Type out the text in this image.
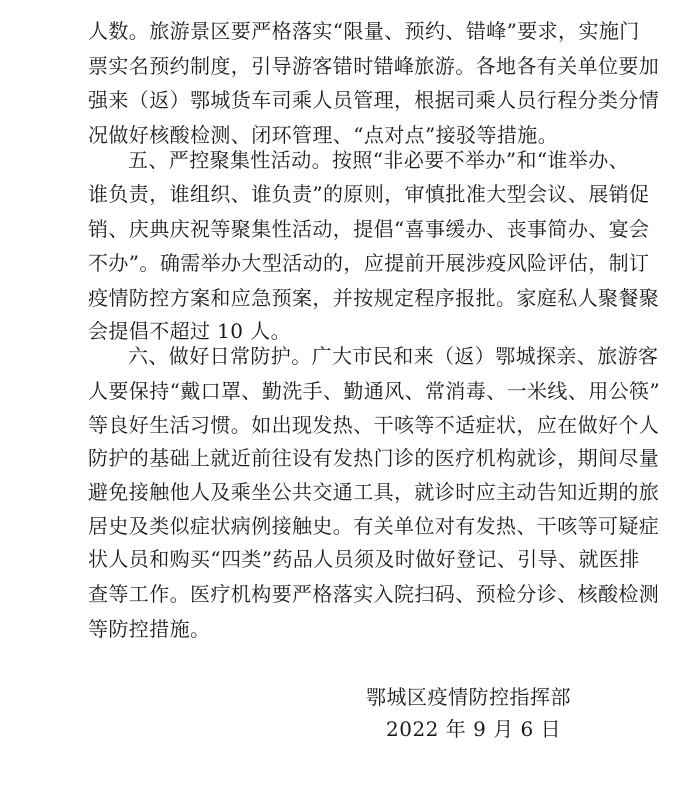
人数。旅游景区要严格落实“限量、预约、错峰”要求，实施门
票实名预约制度，引导游客错时错峰旅游。各地各有关单位要加
强来（返）鄂城货车司乘人员管理，根据司乘人员行程分类分情
况做好核酸检测、闭环管理、“点对点”接驳等措施。
五、严控聚集性活动。按照“非必要不举办”和“谁举办、
谁负责，谁组织、谁负责”的原则，审慎批准大型会议、展销促
销、庆典庆祝等聚集性活动，提倡“喜事缓办、丧事简办、宴会
不办”。确需举办大型活动的，应提前开展涉疫风险评估，制订
疫情防控方案和应急预案，并按规定程序报批。家庭私人聚餐聚
会提倡不超过 10 人。
六、做好日常防护。广大市民和来（返）鄂城探亲、旅游客
人要保持“戴口罩、勤洗手、勤通风、常消毒、一米线、用公筷”
等良好生活习惯。如出现发热、干咳等不适症状，应在做好个人
防护的基础上就近前往设有发热门诊的医疗机构就诊，期间尽量
避免接触他人及乘坐公共交通工具，就诊时应主动告知近期的旅
居史及类似症状病例接触史。有关单位对有发热、干咳等可疑症
状人员和购买“四类”药品人员须及时做好登记、引导、就医排
查等工作。医疗机构要严格落实入院扫码、预检分诊、核酸检测
等防控措施。
鄂城区疫情防控指挥部
2022 年 9 月 6 日
